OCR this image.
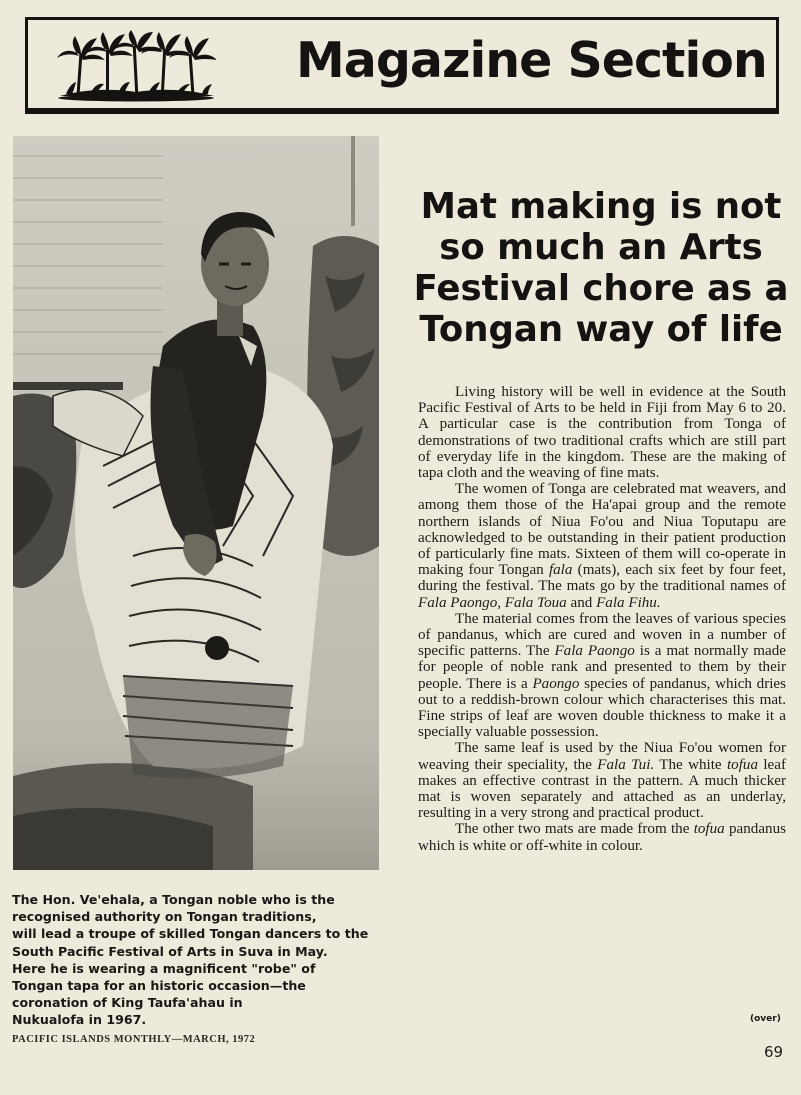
Magazine Section

The Hon. Ve'ehala, a Tongan noble who is the

recognised authority on Tongan traditions,

will lead a troupe of skilled Tongan dancers to the

South Pacific Festival of Arts in Suva in May.

Here he is wearing a magnificent "robe" of

Tongan tapa for an historic occasion—the

coronation of King Taufa'ahau in

Nukualofa in 1967.

Mat making is not
so much an Arts
Festival chore as a
Tongan way of life

Living history will be well in evidence at the South Pacific Festival of Arts to be held in Fiji from May 6 to 20. A particular case is the contribution from Tonga of demonstrations of two traditional crafts which are still part of everyday life in the kingdom. These are the making of tapa cloth and the weaving of fine mats.

The women of Tonga are celebrated mat weavers, and among them those of the Ha'apai group and the remote northern islands of Niua Fo'ou and Niua Toputapu are acknowledged to be outstanding in their patient production of particularly fine mats. Sixteen of them will co-operate in making four Tongan fala (mats), each six feet by four feet, during the festival. The mats go by the traditional names of Fala Paongo, Fala Toua and Fala Fihu.

The material comes from the leaves of various species of pandanus, which are cured and woven in a number of specific patterns. The Fala Paongo is a mat normally made for people of noble rank and presented to them by their people. There is a Paongo species of pandanus, which dries out to a reddish-brown colour which characterises this mat. Fine strips of leaf are woven double thickness to make it a specially valuable possession.

The same leaf is used by the Niua Fo'ou women for weaving their speciality, the Fala Tui. The white tofua leaf makes an effective contrast in the pattern. A much thicker mat is woven separately and attached as an underlay, resulting in a very strong and practical product.

The other two mats are made from the tofua pandanus which is white or off-white in colour.

(over)
PACIFIC ISLANDS MONTHLY—MARCH, 1972
69
